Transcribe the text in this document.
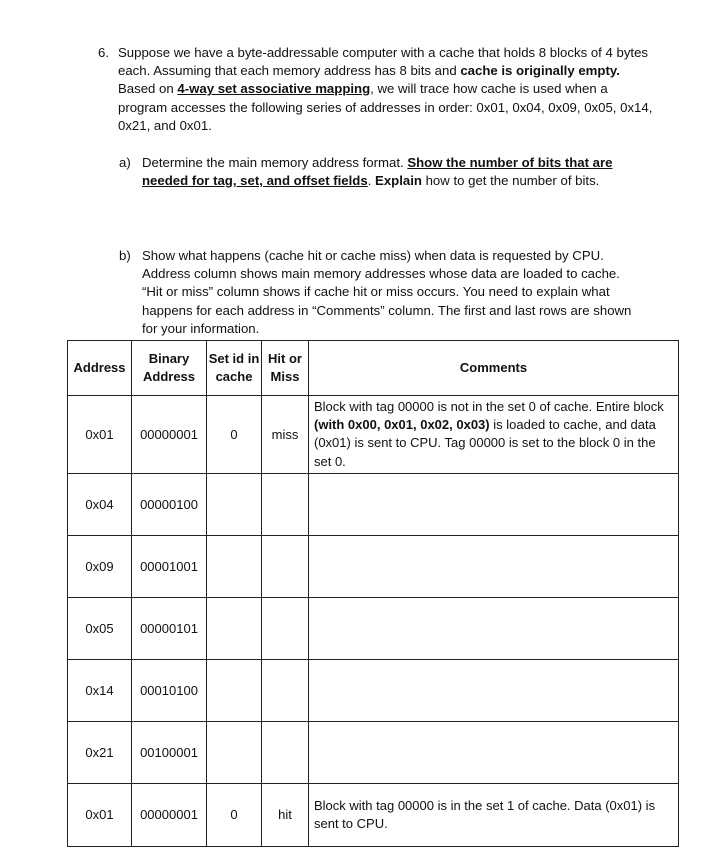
6. Suppose we have a byte-addressable computer with a cache that holds 8 blocks of 4 bytes each. Assuming that each memory address has 8 bits and cache is originally empty. Based on 4-way set associative mapping, we will trace how cache is used when a program accesses the following series of addresses in order: 0x01, 0x04, 0x09, 0x05, 0x14, 0x21, and 0x01.
a) Determine the main memory address format. Show the number of bits that are needed for tag, set, and offset fields. Explain how to get the number of bits.
b) Show what happens (cache hit or cache miss) when data is requested by CPU. Address column shows main memory addresses whose data are loaded to cache. “Hit or miss” column shows if cache hit or miss occurs. You need to explain what happens for each address in “Comments” column. The first and last rows are shown for your information.
Address	Binary Address	Set id in cache	Hit or Miss	Comments
0x01	00000001	0	miss	Block with tag 00000 is not in the set 0 of cache. Entire block (with 0x00, 0x01, 0x02, 0x03) is loaded to cache, and data (0x01) is sent to CPU. Tag 00000 is set to the block 0 in the set 0.
0x04	00000100			
0x09	00001001			
0x05	00000101			
0x14	00010100			
0x21	00100001			
0x01	00000001	0	hit	Block with tag 00000 is in the set 1 of cache. Data (0x01) is sent to CPU.
